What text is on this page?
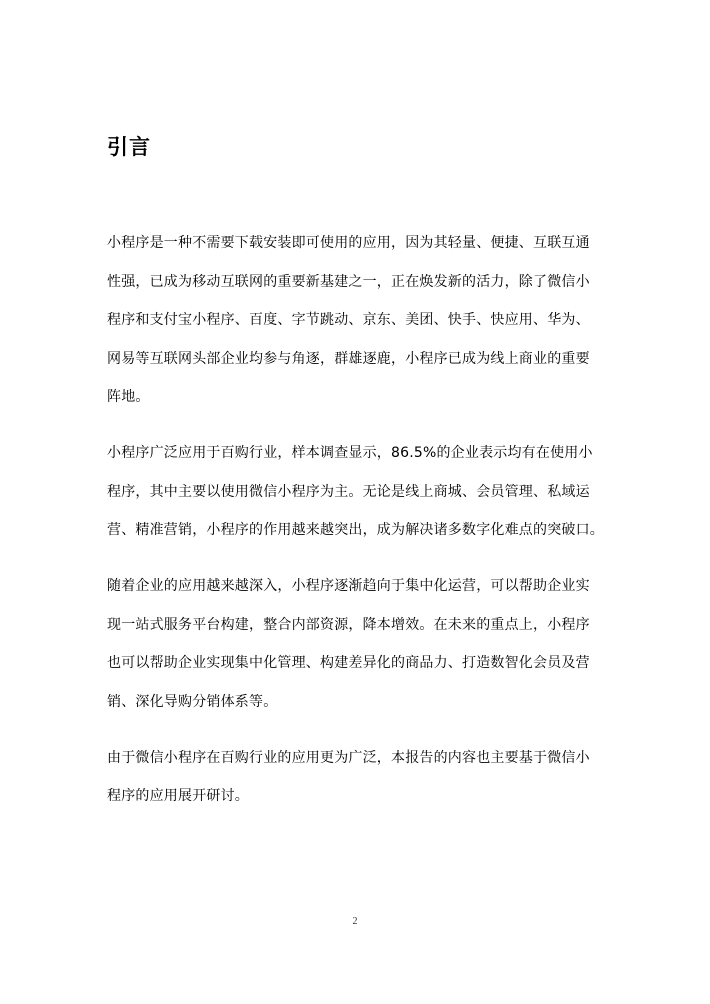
引言
小程序是一种不需要下载安装即可使用的应用，因为其轻量、便捷、互联互通
性强，已成为移动互联网的重要新基建之一，正在焕发新的活力，除了微信小
程序和支付宝小程序、百度、字节跳动、京东、美团、快手、快应用、华为、
网易等互联网头部企业均参与角逐，群雄逐鹿，小程序已成为线上商业的重要
阵地。
小程序广泛应用于百购行业，样本调查显示，86.5%的企业表示均有在使用小
程序，其中主要以使用微信小程序为主。无论是线上商城、会员管理、私域运
营、精准营销，小程序的作用越来越突出，成为解决诸多数字化难点的突破口。
随着企业的应用越来越深入，小程序逐渐趋向于集中化运营，可以帮助企业实
现一站式服务平台构建，整合内部资源，降本增效。在未来的重点上，小程序
也可以帮助企业实现集中化管理、构建差异化的商品力、打造数智化会员及营
销、深化导购分销体系等。
由于微信小程序在百购行业的应用更为广泛，本报告的内容也主要基于微信小
程序的应用展开研讨。
2
